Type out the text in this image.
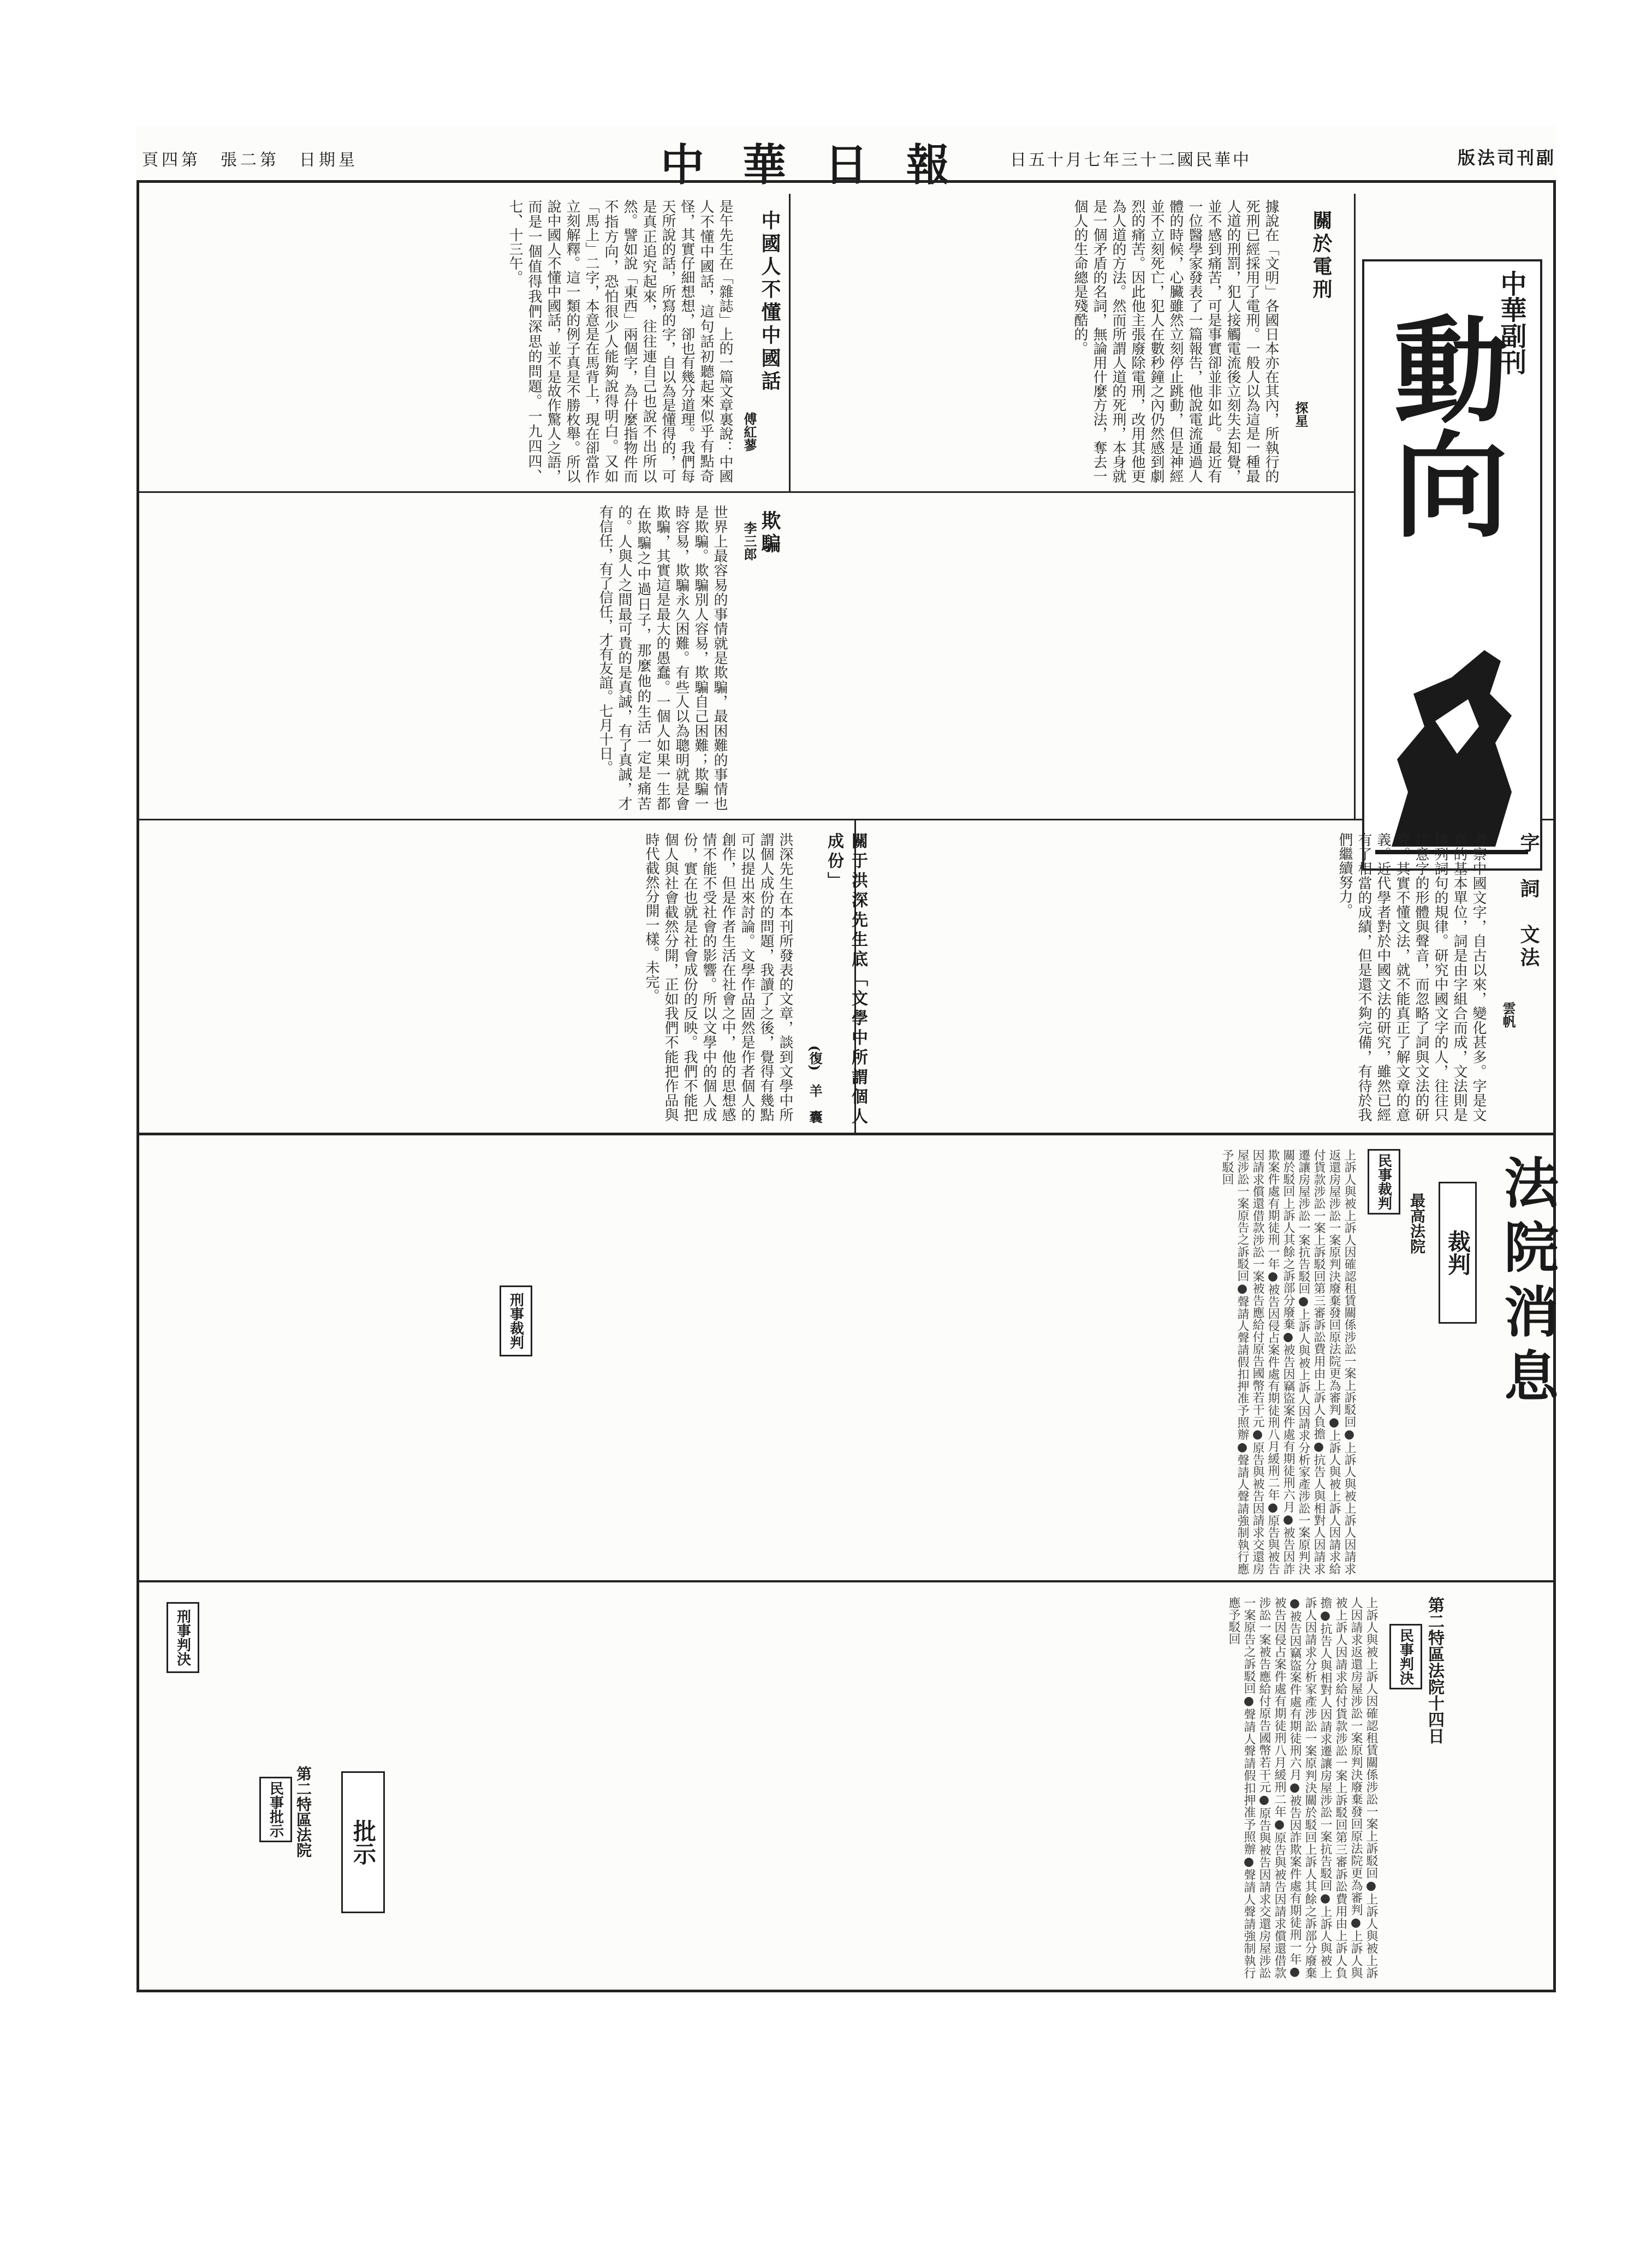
頁四第　張二第　日期星	中華日報 日五十月七年三十二國民華中	版法司刊副
中華副刊
動向
關於電刑
探星
據說在「文明」各國日本亦在其內，所執行的死刑已經採用了電刑。一般人以為這是一種最人道的刑罰，犯人接觸電流後立刻失去知覺，並不感到痛苦，可是事實卻並非如此。最近有一位醫學家發表了一篇報告，他說電流通過人體的時候，心臟雖然立刻停止跳動，但是神經並不立刻死亡，犯人在數秒鐘之內仍然感到劇烈的痛苦。因此他主張廢除電刑，改用其他更為人道的方法。然而所謂人道的死刑，本身就是一個矛盾的名詞，無論用什麼方法，奪去一個人的生命總是殘酷的。
中國人不懂中國話
傅紅蓼
是午先生在「雜誌」上的一篇文章裏說：中國人不懂中國話，這句話初聽起來似乎有點奇怪，其實仔細想想，卻也有幾分道理。我們每天所說的話，所寫的字，自以為是懂得的，可是真正追究起來，往往連自己也說不出所以然。譬如說「東西」兩個字，為什麼指物件而不指方向，恐怕很少人能夠說得明白。又如「馬上」二字，本意是在馬背上，現在卻當作立刻解釋。這一類的例子真是不勝枚舉。所以說中國人不懂中國話，並不是故作驚人之語，而是一個值得我們深思的問題。一九四四、七、十三午。
欺騙
李三郎
世界上最容易的事情就是欺騙，最困難的事情也是欺騙。欺騙別人容易，欺騙自己困難；欺騙一時容易，欺騙永久困難。有些人以為聰明就是會欺騙，其實這是最大的愚蠢。一個人如果一生都在欺騙之中過日子，那麼他的生活一定是痛苦的。人與人之間最可貴的是真誠，有了真誠，才有信任，有了信任，才有友誼。七月十日。
字　詞　文法
雲帆
考察中國文字，自古以來，變化甚多。字是文章的基本單位，詞是由字組合而成，文法則是排列詞句的規律。研究中國文字的人，往往只注意字的形體與聲音，而忽略了詞與文法的研究。其實不懂文法，就不能真正了解文章的意義。近代學者對於中國文法的研究，雖然已經有了相當的成績，但是還不夠完備，有待於我們繼續努力。
關于洪深先生底「文學中所謂個人成份」
(復)　羊　囊
洪深先生在本刊所發表的文章，談到文學中所謂個人成份的問題，我讀了之後，覺得有幾點可以提出來討論。文學作品固然是作者個人的創作，但是作者生活在社會之中，他的思想感情不能不受社會的影響。所以文學中的個人成份，實在也就是社會成份的反映。我們不能把個人與社會截然分開，正如我們不能把作品與時代截然分開一樣。未完。
法院消息
裁判
最高法院
民事裁判
上訴人與被上訴人因確認租賃關係涉訟一案上訴駁回●上訴人與被上訴人因請求返還房屋涉訟一案原判決廢棄發回原法院更為審判●上訴人與被上訴人因請求給付貨款涉訟一案上訴駁回第三審訴訟費用由上訴人負擔●抗告人與相對人因請求遷讓房屋涉訟一案抗告駁回●上訴人與被上訴人因請求分析家產涉訟一案原判決關於駁回上訴人其餘之訴部分廢棄●被告因竊盜案件處有期徒刑六月●被告因詐欺案件處有期徒刑一年●被告因侵占案件處有期徒刑八月緩刑二年●原告與被告因請求償還借款涉訟一案被告應給付原告國幣若干元●原告與被告因請求交還房屋涉訟一案原告之訴駁回●聲請人聲請假扣押准予照辦●聲請人聲請強制執行應予駁回
刑事裁判
第二特區法院十四日
民事判決
上訴人與被上訴人因確認租賃關係涉訟一案上訴駁回●上訴人與被上訴人因請求返還房屋涉訟一案原判決廢棄發回原法院更為審判●上訴人與被上訴人因請求給付貨款涉訟一案上訴駁回第三審訴訟費用由上訴人負擔●抗告人與相對人因請求遷讓房屋涉訟一案抗告駁回●上訴人與被上訴人因請求分析家產涉訟一案原判決關於駁回上訴人其餘之訴部分廢棄●被告因竊盜案件處有期徒刑六月●被告因詐欺案件處有期徒刑一年●被告因侵占案件處有期徒刑八月緩刑二年●原告與被告因請求償還借款涉訟一案被告應給付原告國幣若干元●原告與被告因請求交還房屋涉訟一案原告之訴駁回●聲請人聲請假扣押准予照辦●聲請人聲請強制執行應予駁回
刑事判決
批示
第二特區法院
民事批示
